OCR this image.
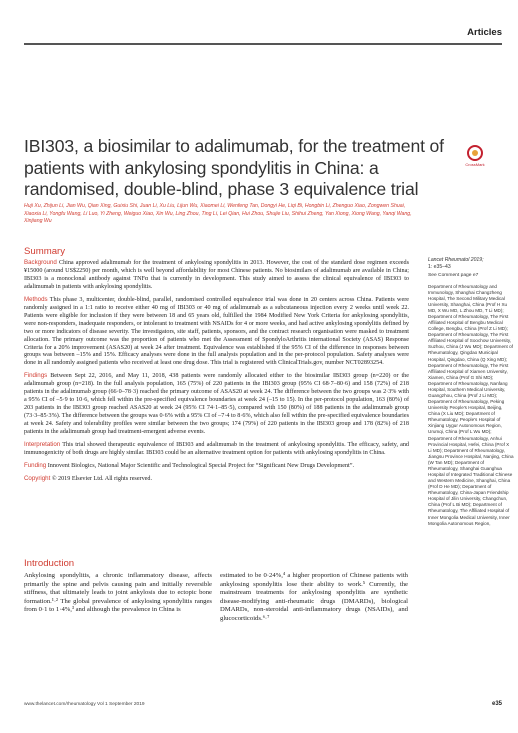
Articles
CrossMark
IBI303, a biosimilar to adalimumab, for the treatment of patients with ankylosing spondylitis in China: a randomised, double-blind, phase 3 equivalence trial
Huji Xu, Zhijun Li, Jian Wu, Qian Xing, Guixiu Shi, Juan Li, Xu Liu, Lijun Wu, Xiaomei Li, Wenfeng Tan, Dongyi He, Liqi Bi, Hongbin Li, Zhenguo Xiao, Zongwen Shuai, Xiaoxia Li, Yongfu Wang, Li Luo, Yi Zheng, Weiguo Xiao, Xin Wu, Ling Zhou, Ting Li, Lei Qian, Hui Zhou, Shujie Liu, Shihui Zheng, Yan Xiong, Xiong Wang, Yanqi Wang, Xinjiang Wu
Summary
Background China approved adalimumab for the treatment of ankylosing spondylitis in 2013. However, the cost of the standard dose regimen exceeds ¥15000 (around US$2250) per month, which is well beyond affordability for most Chinese patients. No biosimilars of adalimumab are available in China; IBI303 is a monoclonal antibody against TNFα that is currently in development. This study aimed to assess the clinical equivalence of IBI303 to adalimumab in patients with ankylosing spondylitis.
Methods This phase 3, multicenter, double-blind, parallel, randomised controlled equivalence trial was done in 20 centers across China. Patients were randomly assigned in a 1:1 ratio to receive either 40 mg of IBI303 or 40 mg of adalimumab as a subcutaneous injection every 2 weeks until week 22. Patients were eligible for inclusion if they were between 18 and 65 years old, fulfilled the 1984 Modified New York Criteria for ankylosing spondylitis, were non-responders, inadequate responders, or intolerant to treatment with NSAIDs for 4 or more weeks, and had active ankylosing spondylitis defined by two or more indicators of disease severity. The investigators, site staff, patients, sponsors, and the contract research organisation were masked to treatment allocation. The primary outcome was the proportion of patients who met the Assessment of SpondyloArthritis international Society (ASAS) Response Criteria for a 20% improvement (ASAS20) at week 24 after treatment. Equivalence was established if the 95% CI of the difference in responses between groups was between –15% and 15%. Efficacy analyses were done in the full analysis population and in the per-protocol population. Safety analyses were done in all randomly assigned patients who received at least one drug dose. This trial is registered with ClinicalTrials.gov, number NCT02893254.
Findings Between Sept 22, 2016, and May 11, 2018, 438 patients were randomly allocated either to the biosimilar IBI303 group (n=220) or the adalimumab group (n=218). In the full analysis population, 165 (75%) of 220 patients in the IBI303 group (95% CI 68·7–80·6) and 158 (72%) of 218 patients in the adalimumab group (66·0–78·3) reached the primary outcome of ASAS20 at week 24. The difference between the two groups was 2·3% with a 95% CI of –5·9 to 10·6, which fell within the pre-specified equivalence boundaries at week 24 (–15 to 15). In the per-protocol population, 163 (80%) of 203 patients in the IBI303 group reached ASAS20 at week 24 (95% CI 74·1–85·5), compared with 150 (80%) of 188 patients in the adalimumab group (73·3–85·3%). The difference between the groups was 0·6% with a 95% CI of –7·4 to 8·6%, which also fell within the pre-specified equivalence boundaries at week 24. Safety and tolerability profiles were similar between the two groups; 174 (79%) of 220 patients in the IBI303 group and 178 (82%) of 218 patients in the adalimumab group had treatment-emergent adverse events.
Interpretation This trial showed therapeutic equivalence of IBI303 and adalimumab in the treatment of ankylosing spondylitis. The efficacy, safety, and immunogenicity of both drugs are highly similar. IBI303 could be an alternative treatment option for patients with ankylosing spondylitis in China.
Funding Innovent Biologics, National Major Scientific and Technological Special Project for “Significant New Drugs Development”.
Copyright © 2019 Elsevier Ltd. All rights reserved.
Introduction
Ankylosing spondylitis, a chronic inflammatory disease, affects primarily the spine and pelvis causing pain and initially reversible stiffness, that ultimately leads to joint ankylosis due to ectopic bone formation.¹·² The global prevalence of ankylosing spondylitis ranges from 0·1 to 1·4%,³ and although the prevalence in China is
estimated to be 0·24%,⁴ a higher proportion of Chinese patients with ankylosing spondylitis lose their ability to work.⁵ Currently, the mainstream treatments for ankylosing spondylitis are synthetic disease-modifying anti-rheumatic drugs (DMARDs), biological DMARDs, non-steroidal anti-inflammatory drugs (NSAIDs), and glucocorticoids.⁶·⁷
Lancet Rheumatol 2019;
1: e35–43
See Comment page e7
Department of Rheumatology and Immunology, Shanghai Changzheng Hospital, The Second Military Medical University, Shanghai, China (Prof H Xu MD, X Wu MD, L Zhou MD, T Li MD); Department of Rheumatology, The First Affiliated Hospital of Bengbu Medical College, Bengbu, China (Prof Z Li MD); Department of Rheumatology, The First Affiliated Hospital of Soochow University, Suzhou, China (J Wu MD); Department of Rheumatology, Qingdao Municipal Hospital, Qingdao, China (Q Xing MD); Department of Rheumatology, The First Affiliated Hospital of Xiamen University, Xiamen, China (Prof G Shi MD); Department of Rheumatology, Nanfang Hospital, Southern Medical University, Guangzhou, China (Prof J Li MD); Department of Rheumatology, Peking University People's Hospital, Beijing, China (X Liu MD); Department of Rheumatology, People's Hospital of Xinjiang Uygur Autonomous Region, Urumqi, China (Prof L Wu MD); Department of Rheumatology, Anhui Provincial Hospital, Hefei, China (Prof X Li MD); Department of Rheumatology, Jiangsu Province Hospital, Nanjing, China (W Tan MD); Department of Rheumatology, Shanghai Guanghua Hospital of Integrated Traditional Chinese and Western Medicine, Shanghai, China (Prof D He MD); Department of Rheumatology, China-Japan Friendship Hospital of Jilin University, Changchun, China (Prof L Bi MD); Department of Rheumatology, The Affiliated Hospital of Inner Mongolia Medical University, Inner Mongolia Autonomous Region,
www.thelancet.com/rheumatology Vol 1 September 2019	e35
